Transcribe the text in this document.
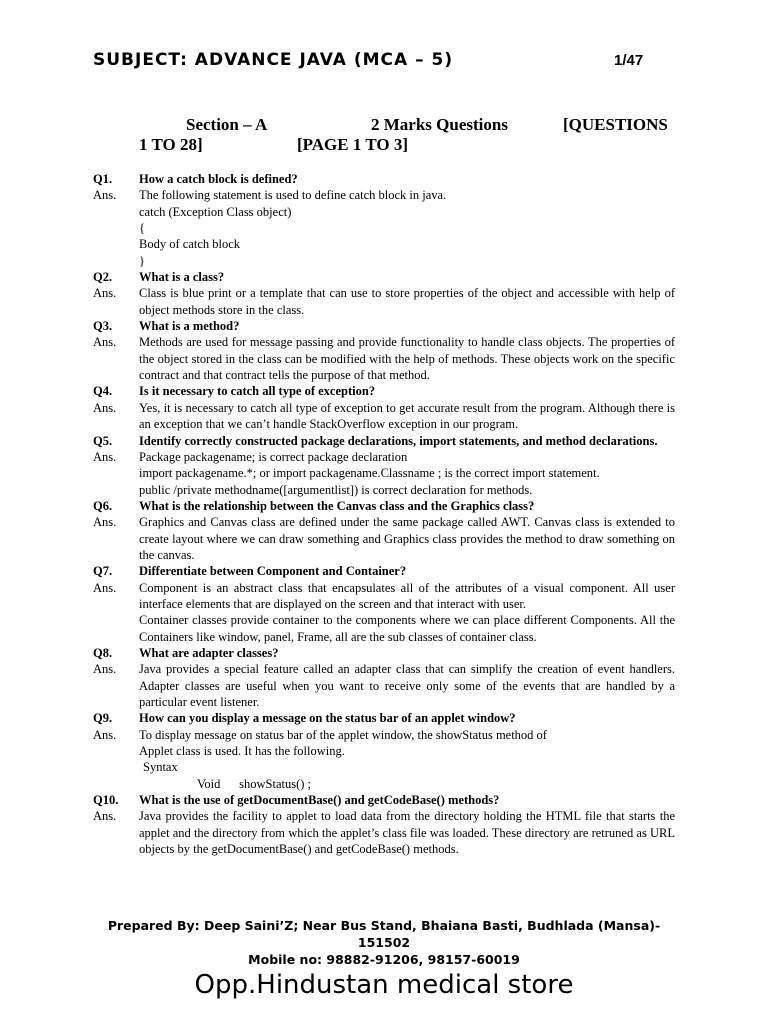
SUBJECT: ADVANCE JAVA (MCA – 5)	1/47
Section – A	2 Marks Questions	[QUESTIONS
1 TO 28]	[PAGE 1 TO 3]
Q1.	How a catch block is defined?
Ans.	The following statement is used to define catch block in java.
catch (Exception Class object)
{
Body of catch block
}
Q2.	What is a class?
Ans.	Class is blue print or a template that can use to store properties of the object and accessible with help of object methods store in the class.
Q3.	What is a method?
Ans.	Methods are used for message passing and provide functionality to handle class objects. The properties of the object stored in the class can be modified with the help of methods. These objects work on the specific contract and that contract tells the purpose of that method.
Q4.	Is it necessary to catch all type of exception?
Ans.	Yes, it is necessary to catch all type of exception to get accurate result from the program. Although there is an exception that we can’t handle StackOverflow exception in our program.
Q5.	Identify correctly constructed package declarations, import statements, and method declarations.
Ans.	Package packagename; is correct package declaration
import packagename.*; or import packagename.Classname ; is the correct import statement.
public /private methodname([argumentlist]) is correct declaration for methods.
Q6.	What is the relationship between the Canvas class and the Graphics class?
Ans.	Graphics and Canvas class are defined under the same package called AWT. Canvas class is extended to create layout where we can draw something and Graphics class provides the method to draw something on the canvas.
Q7.	Differentiate between Component and Container?
Ans.	Component is an abstract class that encapsulates all of the attributes of a visual component. All user interface elements that are displayed on the screen and that interact with user.
Container classes provide container to the components where we can place different Components. All the Containers like window, panel, Frame, all are the sub classes of container class.
Q8.	What are adapter classes?
Ans.	Java provides a special feature called an adapter class that can simplify the creation of event handlers. Adapter classes are useful when you want to receive only some of the events that are handled by a particular event listener.
Q9.	How can you display a message on the status bar of an applet window?
Ans.	To display message on status bar of the applet window, the showStatus method of
Applet class is used. It has the following.
Syntax
Void      showStatus() ;
Q10.	What is the use of getDocumentBase() and getCodeBase() methods?
Ans.	Java provides the facility to applet to load data from the directory holding the HTML file that starts the applet and the directory from which the applet’s class file was loaded. These directory are retruned as URL objects by the getDocumentBase() and getCodeBase() methods.
Prepared By: Deep Saini’Z; Near Bus Stand, Bhaiana Basti, Budhlada (Mansa)-
151502
Mobile no: 98882-91206, 98157-60019
Opp.Hindustan medical store
